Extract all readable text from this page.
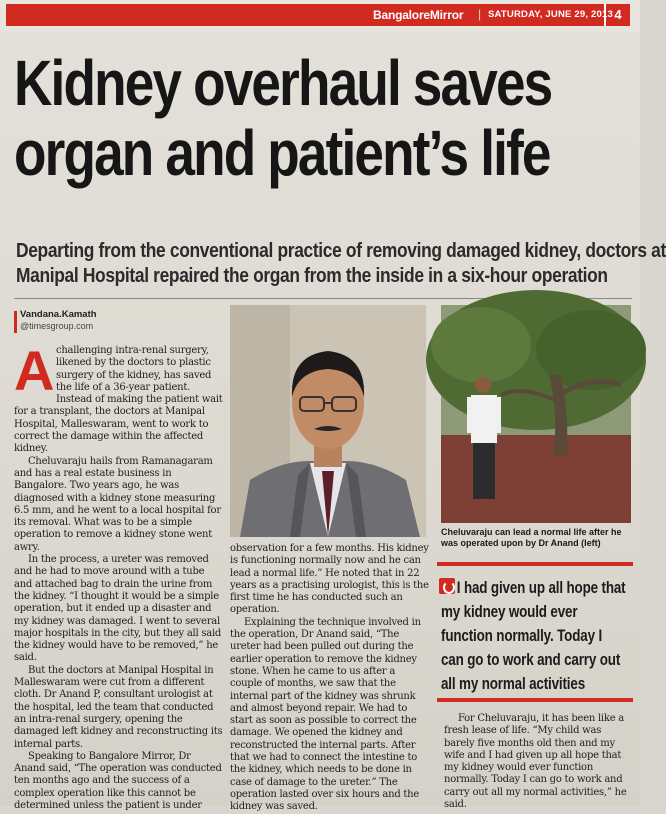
BangaloreMirror | SATURDAY, JUNE 29, 2013 4
Kidney overhaul saves
organ and patient’s life
Departing from the conventional practice of removing damaged kidney, doctors at
Manipal Hospital repaired the organ from the inside in a six-hour operation
Vandana.Kamath
@timesgroup.com
A challenging intra-renal surgery, likened by the doctors to plastic surgery of the kidney, has saved the life of a 36-year patient. Instead of making the patient wait for a transplant, the doctors at Manipal Hospital, Malleswaram, went to work to correct the damage within the affected kidney.

Cheluvaraju hails from Ramanagaram and has a real estate business in Bangalore. Two years ago, he was diagnosed with a kidney stone measuring 6.5 mm, and he went to a local hospital for its removal. What was to be a simple operation to remove a kidney stone went awry.

In the process, a ureter was removed and he had to move around with a tube and attached bag to drain the urine from the kidney. “I thought it would be a simple operation, but it ended up a disaster and my kidney was damaged. I went to several major hospitals in the city, but they all said the kidney would have to be removed,” he said.

But the doctors at Manipal Hospital in Malleswaram were cut from a different cloth. Dr Anand P, consultant urologist at the hospital, led the team that conducted an intra-renal surgery, opening the damaged left kidney and reconstructing its internal parts.

Speaking to Bangalore Mirror, Dr Anand said, “The operation was conducted ten months ago and the success of a complex operation like this cannot be determined unless the patient is under

observation for a few months. His kidney is functioning normally now and he can lead a normal life.” He noted that in 22 years as a practising urologist, this is the first time he has conducted such an operation.

Explaining the technique involved in the operation, Dr Anand said, “The ureter had been pulled out during the earlier operation to remove the kidney stone. When he came to us after a couple of months, we saw that the internal part of the kidney was shrunk and almost beyond repair. We had to start as soon as possible to correct the damage. We opened the kidney and reconstructed the internal parts. After that we had to connect the intestine to the kidney, which needs to be done in case of damage to the ureter.” The operation lasted over six hours and the kidney was saved.

Cheluvaraju can lead a normal life after he was operated upon by Dr Anand (left)
I had given up all hope that my kidney would ever function normally. Today I can go to work and carry out all my normal activities

For Cheluvaraju, it has been like a fresh lease of life. “My child was barely five months old then and my wife and I had given up all hope that my kidney would ever function normally. Today I can go to work and carry out all my normal activities,” he said.
